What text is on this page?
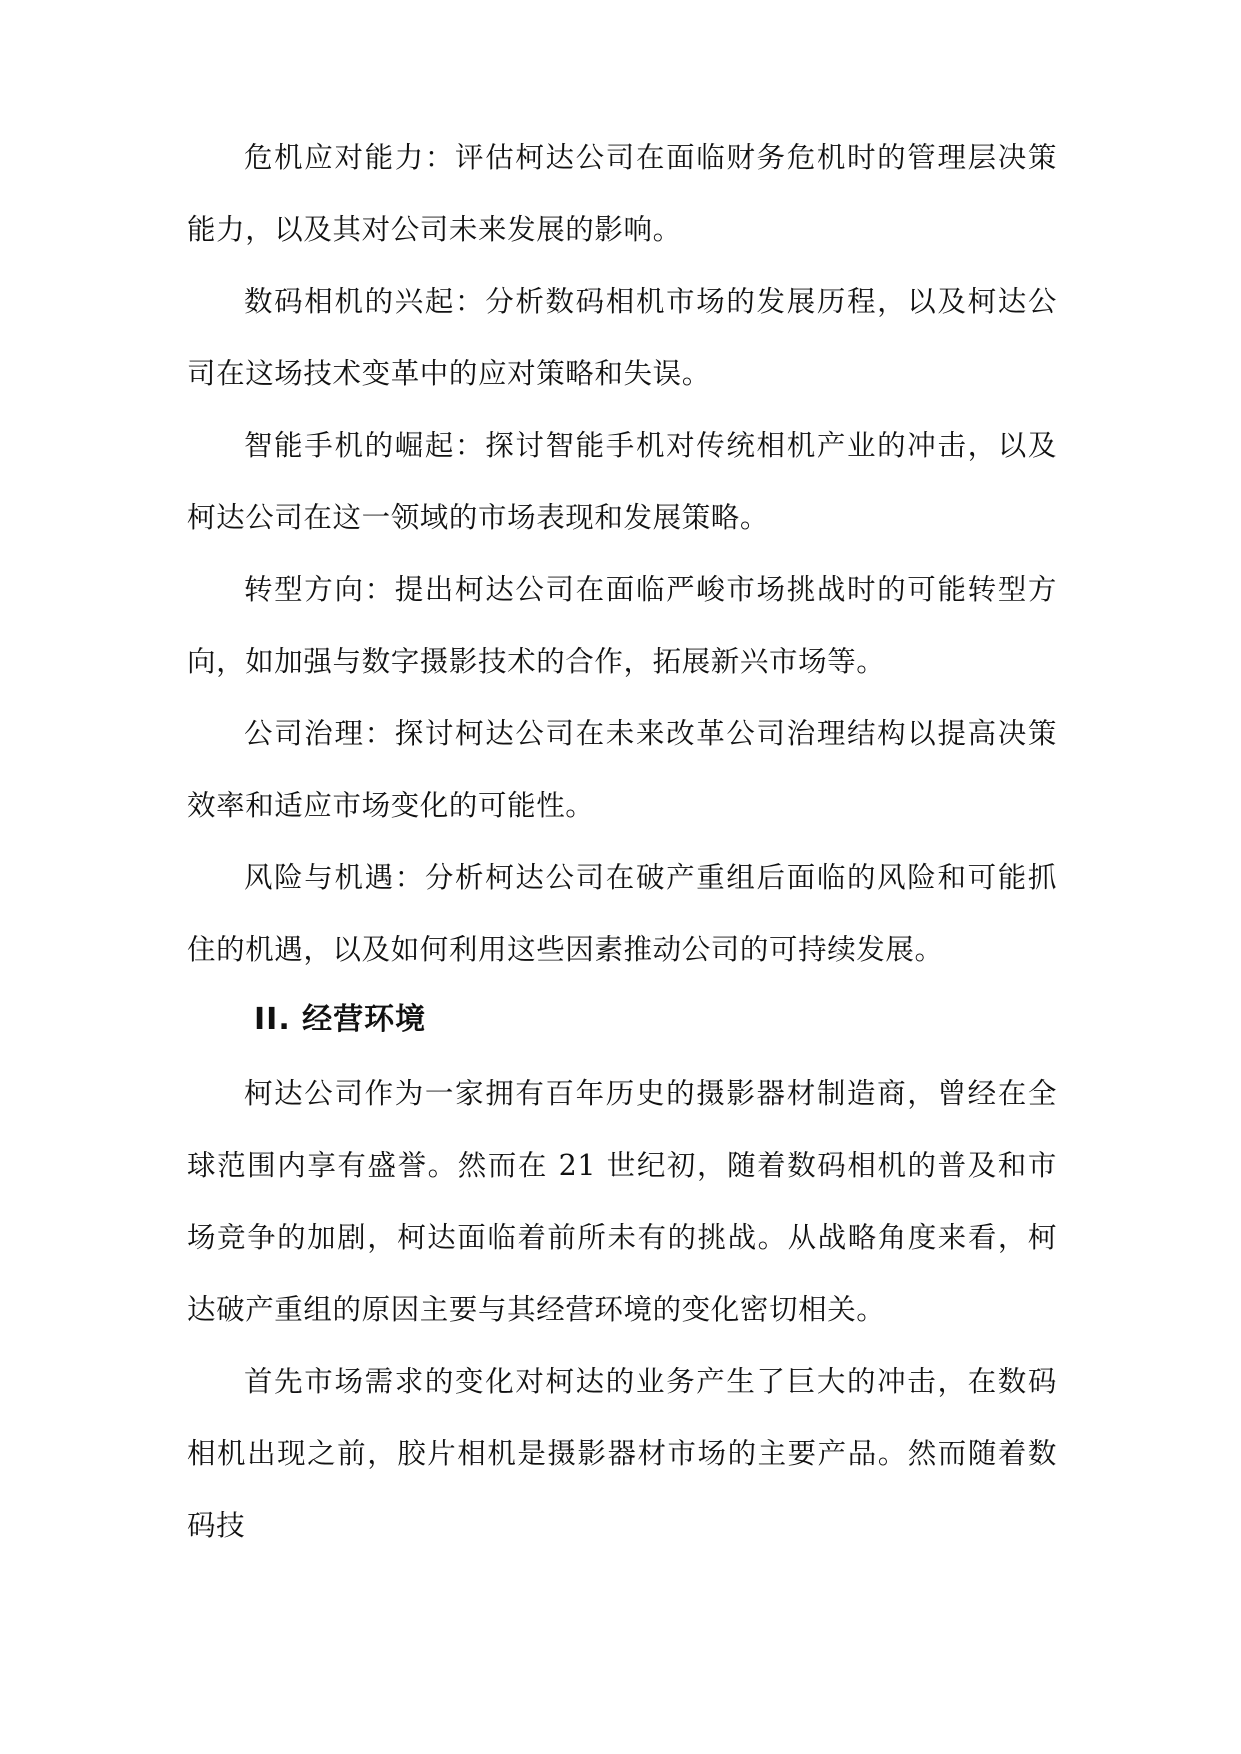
危机应对能力：评估柯达公司在面临财务危机时的管理层决策能力，以及其对公司未来发展的影响。

数码相机的兴起：分析数码相机市场的发展历程，以及柯达公司在这场技术变革中的应对策略和失误。

智能手机的崛起：探讨智能手机对传统相机产业的冲击，以及柯达公司在这一领域的市场表现和发展策略。

转型方向：提出柯达公司在面临严峻市场挑战时的可能转型方向，如加强与数字摄影技术的合作，拓展新兴市场等。

公司治理：探讨柯达公司在未来改革公司治理结构以提高决策效率和适应市场变化的可能性。

风险与机遇：分析柯达公司在破产重组后面临的风险和可能抓住的机遇，以及如何利用这些因素推动公司的可持续发展。

II. 经营环境

柯达公司作为一家拥有百年历史的摄影器材制造商，曾经在全球范围内享有盛誉。然而在 21 世纪初，随着数码相机的普及和市场竞争的加剧，柯达面临着前所未有的挑战。从战略角度来看，柯达破产重组的原因主要与其经营环境的变化密切相关。

首先市场需求的变化对柯达的业务产生了巨大的冲击，在数码相机出现之前，胶片相机是摄影器材市场的主要产品。然而随着数码技
